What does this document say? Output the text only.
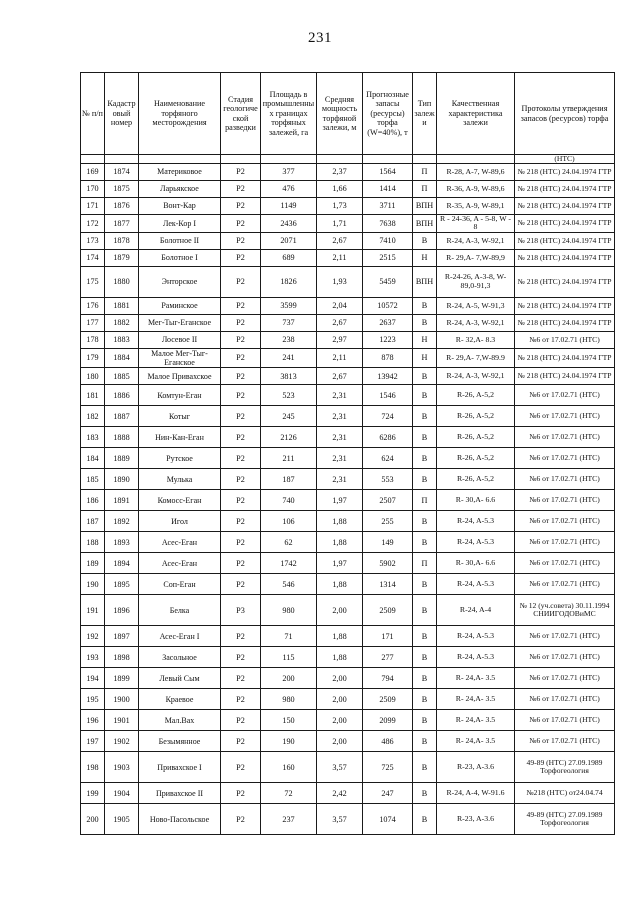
231
№ п/п	Кадастровый номер	Наименование торфяного месторождения	Стадия геологической разведки	Площадь в промышленных границах торфяных залежей, га	Средняя мощность торфяной залежи, м	Прогнозные запасы (ресурсы) торфа (W=40%), т	Тип залежи	Качественная характеристика залежи	Протоколы утверждения запасов (ресурсов) торфа
									(НТС)
169	1874	Материковое	Р2	377	2,37	1564	П	R-28, A-7, W-89,6	№ 218 (НТС) 24.04.1974 ГТР
170	1875	Ларьякское	Р2	476	1,66	1414	П	R-36, A-9, W-89,6	№ 218 (НТС) 24.04.1974 ГТР
171	1876	Вонт-Кар	Р2	1149	1,73	3711	ВПН	R-35, A-9, W-89,1	№ 218 (НТС) 24.04.1974 ГТР
172	1877	Лек-Кор I	Р2	2436	1,71	7638	ВПН	R - 24-36, A - 5-8, W - 8	№ 218 (НТС) 24.04.1974 ГТР
173	1878	Болотное II	Р2	2071	2,67	7410	В	R-24, A-3, W-92,1	№ 218 (НТС) 24.04.1974 ГТР
174	1879	Болотное I	Р2	689	2,11	2515	Н	R- 29,A- 7,W-89,9	№ 218 (НТС) 24.04.1974 ГТР
175	1880	Энторское	Р2	1826	1,93	5459	ВПН	R-24-26, A-3-8, W-89,0-91,3	№ 218 (НТС) 24.04.1974 ГТР
176	1881	Раминское	Р2	3599	2,04	10572	В	R-24, A-5, W-91,3	№ 218 (НТС) 24.04.1974 ГТР
177	1882	Мег-Тыг-Еганское	Р2	737	2,67	2637	В	R-24, A-3, W-92,1	№ 218 (НТС) 24.04.1974 ГТР
178	1883	Лосевое II	Р2	238	2,97	1223	Н	R- 32,A- 8.3	№6 от 17.02.71 (НТС)
179	1884	Малое Мег-Тыг-Еганское	Р2	241	2,11	878	Н	R- 29,A- 7,W-89.9	№ 218 (НТС) 24.04.1974 ГТР
180	1885	Малое Привахское	Р2	3813	2,67	13942	В	R-24, A-3, W-92,1	№ 218 (НТС) 24.04.1974 ГТР
181	1886	Комтун-Еган	Р2	523	2,31	1546	В	R-26, A-5,2	№6 от 17.02.71 (НТС)
182	1887	Котыг	Р2	245	2,31	724	В	R-26, A-5,2	№6 от 17.02.71 (НТС)
183	1888	Нин-Кан-Еган	Р2	2126	2,31	6286	В	R-26, A-5,2	№6 от 17.02.71 (НТС)
184	1889	Рутское	Р2	211	2,31	624	В	R-26, A-5,2	№6 от 17.02.71 (НТС)
185	1890	Мулька	Р2	187	2,31	553	В	R-26, A-5,2	№6 от 17.02.71 (НТС)
186	1891	Комосс-Еган	Р2	740	1,97	2507	П	R- 30,A- 6.6	№6 от 17.02.71 (НТС)
187	1892	Игол	Р2	106	1,88	255	В	R-24, A-5.3	№6 от 17.02.71 (НТС)
188	1893	Асес-Еган	Р2	62	1,88	149	В	R-24, A-5.3	№6 от 17.02.71 (НТС)
189	1894	Асес-Еган	Р2	1742	1,97	5902	П	R- 30,A- 6.6	№6 от 17.02.71 (НТС)
190	1895	Соп-Еган	Р2	546	1,88	1314	В	R-24, A-5.3	№6 от 17.02.71 (НТС)
191	1896	Белка	Р3	980	2,00	2509	В	R-24, A-4	№ 12 (уч.совета) 30.11.1994 СНИИГОДОВиМС
192	1897	Асес-Еган I	Р2	71	1,88	171	В	R-24, A-5.3	№6 от 17.02.71 (НТС)
193	1898	Засольное	Р2	115	1,88	277	В	R-24, A-5.3	№6 от 17.02.71 (НТС)
194	1899	Левый Сым	Р2	200	2,00	794	В	R- 24,A- 3.5	№6 от 17.02.71 (НТС)
195	1900	Краевое	Р2	980	2,00	2509	В	R- 24,A- 3.5	№6 от 17.02.71 (НТС)
196	1901	Мал.Вах	Р2	150	2,00	2099	В	R- 24,A- 3.5	№6 от 17.02.71 (НТС)
197	1902	Безымянное	Р2	190	2,00	486	В	R- 24,A- 3.5	№6 от 17.02.71 (НТС)
198	1903	Привахское I	Р2	160	3,57	725	В	R-23, A-3.6	49-89 (НТС) 27.09.1989 Торфогеология
199	1904	Привахское II	Р2	72	2,42	247	В	R-24, A-4, W-91.6	№218 (НТС) от24.04.74
200	1905	Ново-Пасольское	Р2	237	3,57	1074	В	R-23, A-3.6	49-89 (НТС) 27.09.1989 Торфогеология
